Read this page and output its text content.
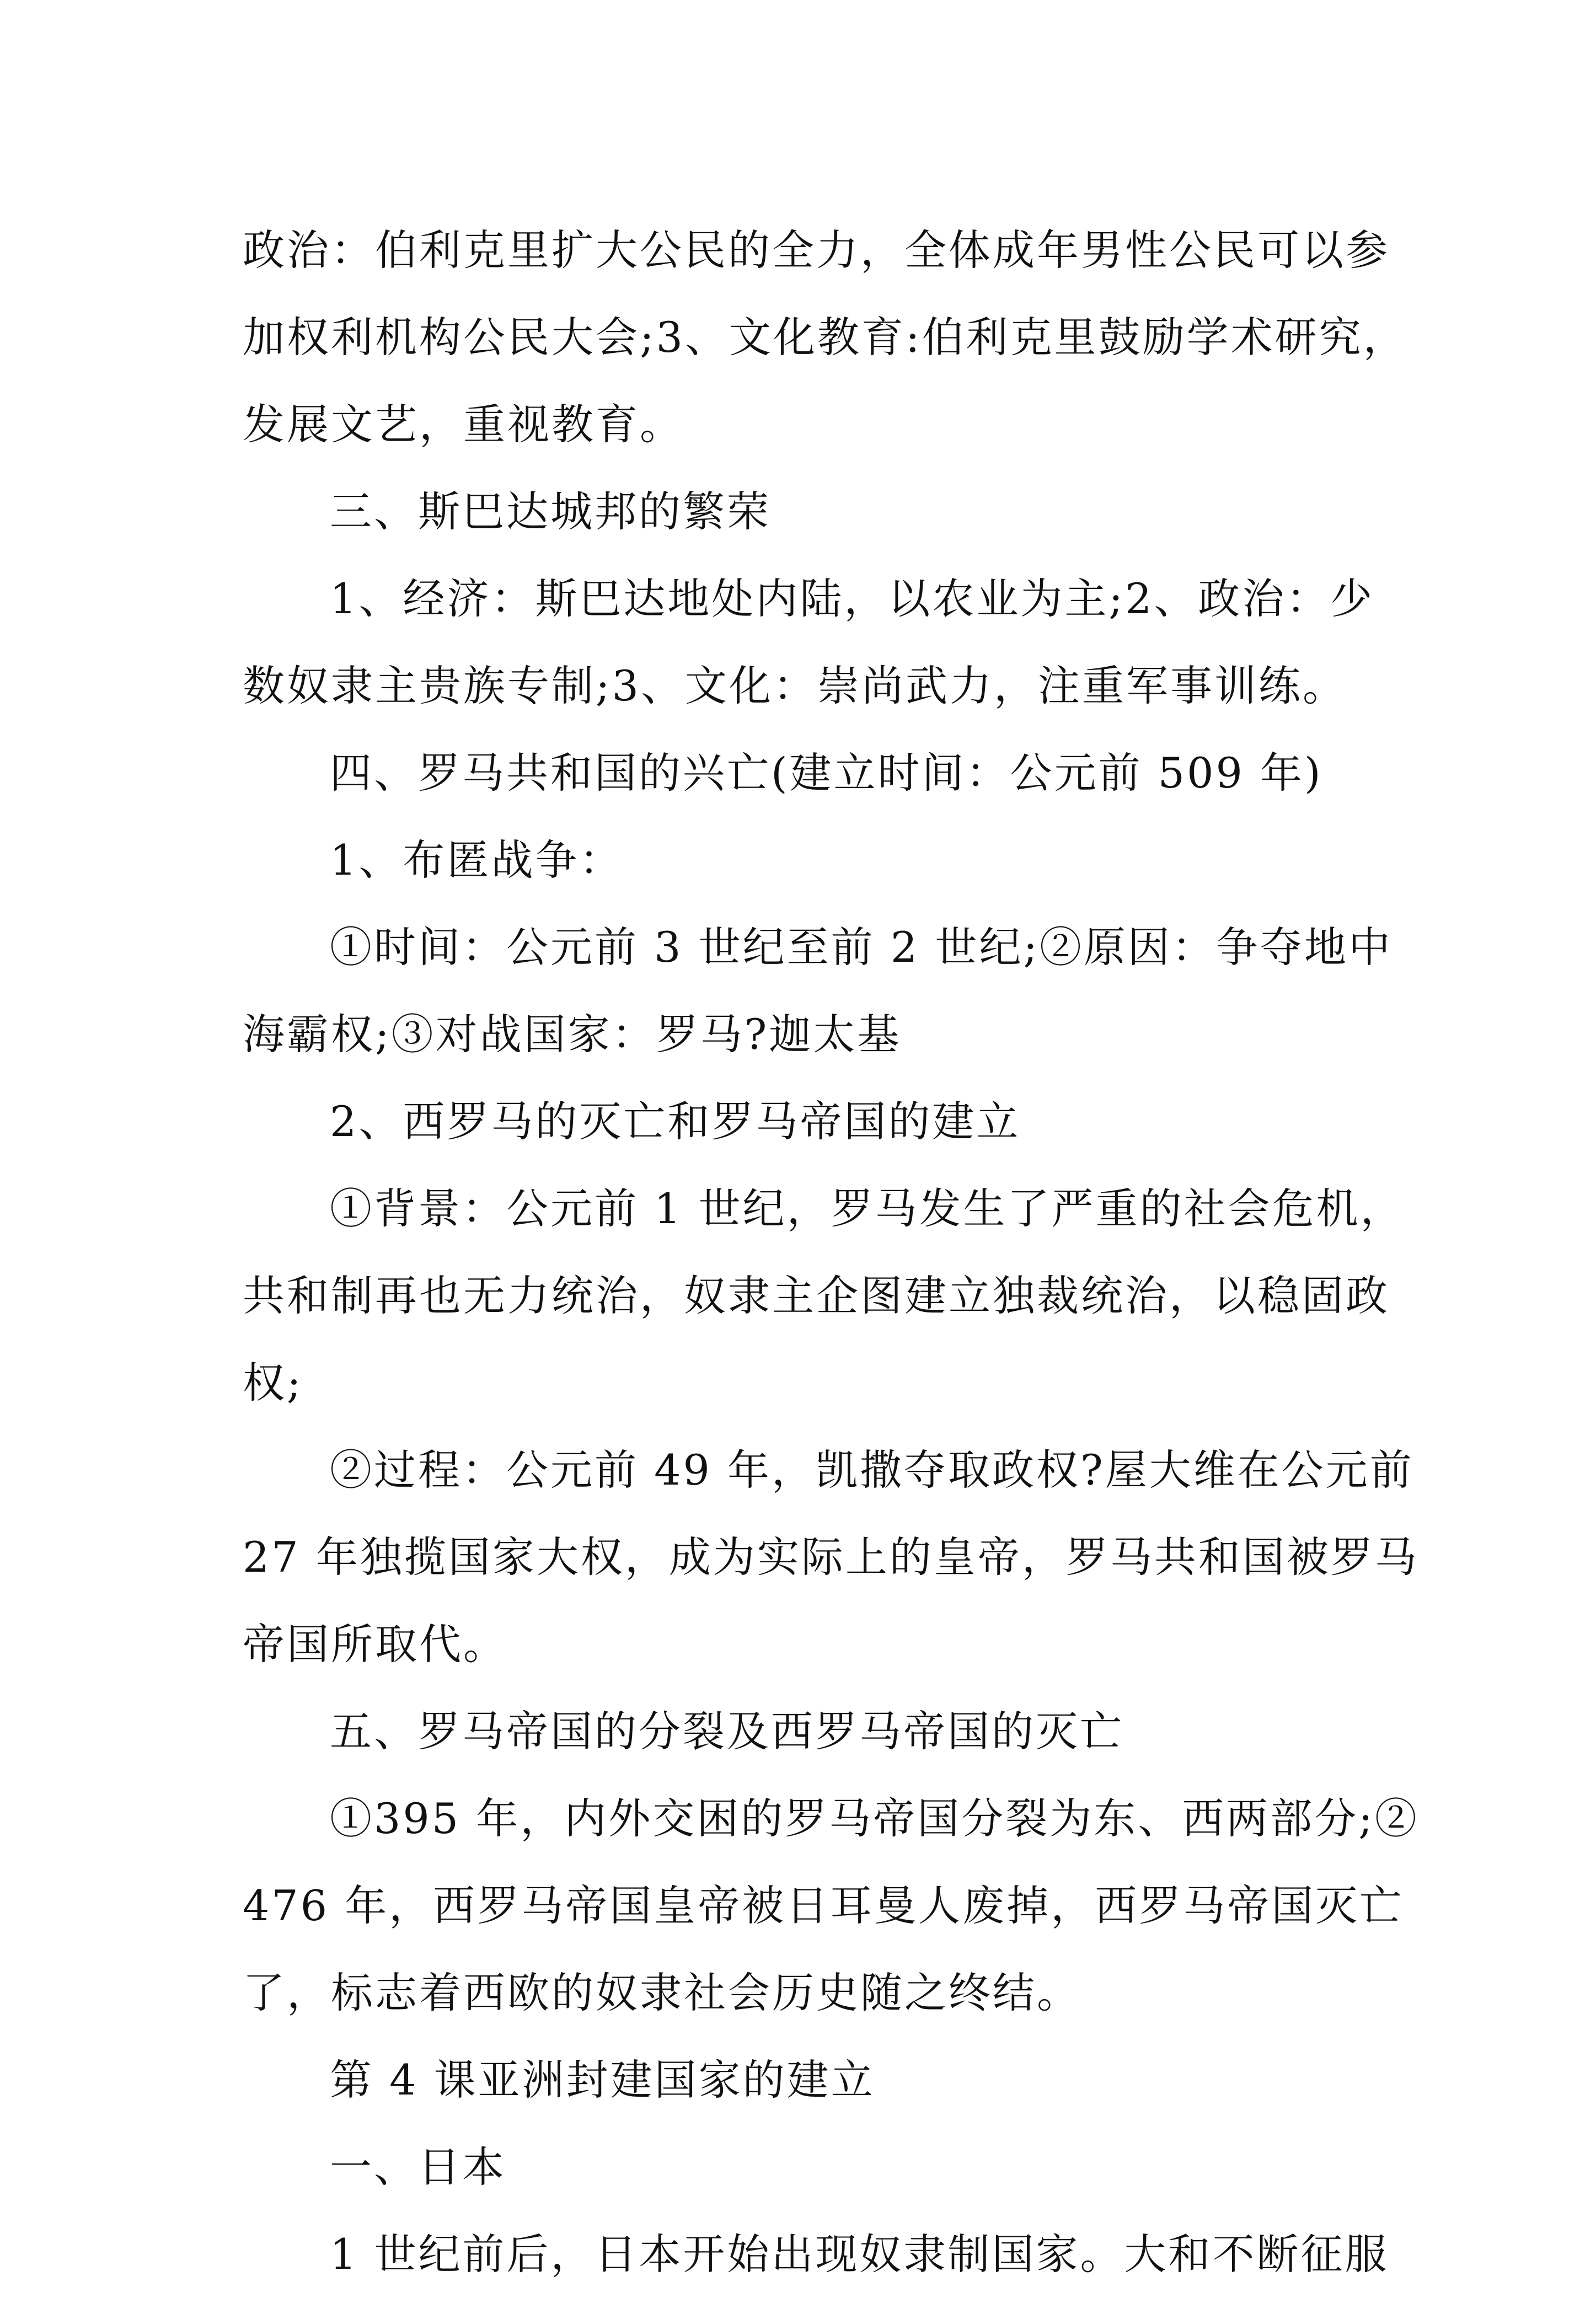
政治：伯利克里扩大公民的全力，全体成年男性公民可以参
加权利机构公民大会;3、文化教育:伯利克里鼓励学术研究，
发展文艺，重视教育。
三、斯巴达城邦的繁荣
1、经济：斯巴达地处内陆，以农业为主;2、政治：少
数奴隶主贵族专制;3、文化：崇尚武力，注重军事训练。
四、罗马共和国的兴亡(建立时间：公元前 509 年)
1、布匿战争：
①时间：公元前 3 世纪至前 2 世纪;②原因：争夺地中
海霸权;③对战国家：罗马?迦太基
2、西罗马的灭亡和罗马帝国的建立
①背景：公元前 1 世纪，罗马发生了严重的社会危机，
共和制再也无力统治，奴隶主企图建立独裁统治，以稳固政
权;
②过程：公元前 49 年，凯撒夺取政权?屋大维在公元前
27 年独揽国家大权，成为实际上的皇帝，罗马共和国被罗马
帝国所取代。
五、罗马帝国的分裂及西罗马帝国的灭亡
①395 年，内外交困的罗马帝国分裂为东、西两部分;②
476 年，西罗马帝国皇帝被日耳曼人废掉，西罗马帝国灭亡
了，标志着西欧的奴隶社会历史随之终结。
第 4 课亚洲封建国家的建立
一、日本
1 世纪前后，日本开始出现奴隶制国家。大和不断征服
